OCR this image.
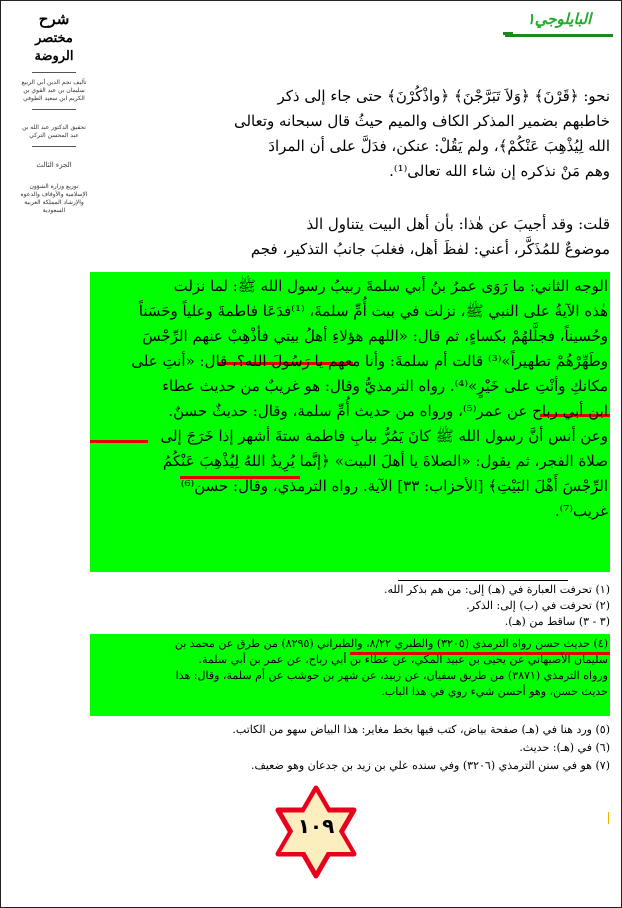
البايلوجي١
شرح
مختصر الروضة
تأليف نجم الدين أبي الربيع سليمان بن عبد القوي بن الكريم ابن سعيد الطوفي
تحقيق الدكتور عبد الله بن عبد المحسن التركي
الجزء الثالث
توزيع وزارة الشؤون الإسلامية والأوقاف والدعوة والإرشاد المملكة العربية السعودية
نحو: ﴿قَرْنَ﴾ ﴿وَلاَ تَبَرَّجْنَ﴾ ﴿واذْكُرْنَ﴾ حتى جاء إلى ذكر
خاطبهم بضمير المذكر الكاف والميم حيثُ قال سبحانه وتعالى
الله لِيُذْهِبَ عَنْكُمْ﴾، ولم يَقُلْ: عنكن، فدَلَّ على أن المرادَ
وهم مَنْ نذكره إن شاء الله تعالى⁽¹⁾.
قلت: وقد أجيبَ عن هٰذا: بأن أهل البيت يتناول الذ
موضوعٌ للمُذَكَّر، أعني: لفظَ أهل، فغلبَ جانبُ التذكير، فجم
الوجه الثاني: ما رَوَى عمرُ بنُ أبي سلمةَ ربيبُ رسول الله ﷺ: لما نزلت
هٰذه الآيةُ على النبي ﷺ، نزلت في بيت أُمِّ سلمةَ، ⁽¹⁾فدَعَا فاطمةَ وعلياً وحَسَناً
وحُسيناً، فجلَّلهُمْ بكساءٍ، ثم قال: «اللهم هؤلاءِ أهلُ بيتي فأذْهِبْ عنهم الرِّجْسَ
وطَهِّرْهُمْ تطهيراً»⁽³⁾ قالت أم سلمةَ: وأنا معهم يا رَسُولَ الله؟، قال: «أنتِ على
مكانكِ وأنْتِ على خَيْرٍ»⁽⁴⁾. رواه الترمذيُّ وقال: هو غريبٌ من حديث عطاء
ابن أبي رباح عن عمر⁽⁵⁾، ورواه من حديث أُمِّ سلمة، وقال: حديثٌ حسنٌ.
وعن أنس أنَّ رسول الله ﷺ كانَ يَمُرُّ ببابِ فاطمة ستةَ أشهر إذا خَرَجَ إلى
صلاة الفجر، ثم يقول: «الصلاةَ يا أهلَ البيت» ﴿إنَّما يُرِيدُ اللهُ لِيُذْهِبَ عَنْكُمُ
الرِّجْسَ أَهْلَ البَيْتِ﴾ [الأحزاب: ٣٣] الآية. رواه الترمذي، وقال: حسن⁽⁶⁾
غريب⁽⁷⁾.
(١) تحرفت العبارة في (هـ) إلى: من هم بذكر الله.
(٢) تحرفت في (ب) إلى: الذكر.
(٣ - ٣) ساقط من (هـ).
(٤) حديث حسن رواه الترمذي (٣٢٠٥) والطبري ٨/٢٢، والطبراني (٨٢٩٥) من طرق عن محمد بن
سليمان الأصبهاني عن يحيى بن عبيد المكي، عن عطاء بن أبي رباح، عن عمر بن أبي سلمة.
ورواه الترمذي (٣٨٧١) من طريق سفيان، عن زبيد، عن شهر بن حوشب عن أم سلمة، وقال: هذا
حديث حسن، وهو أحسن شيء روي في هذا الباب.
(٥) ورد هنا في (هـ) صفحة بياض، كتب فيها بخط مغاير: هذا البياض سهو من الكاتب.
(٦) في (هـ): حديث.
(٧) هو في سنن الترمذي (٣٢٠٦) وفي سنده علي بن زيد بن جدعان وهو ضعيف.
١٠٩
